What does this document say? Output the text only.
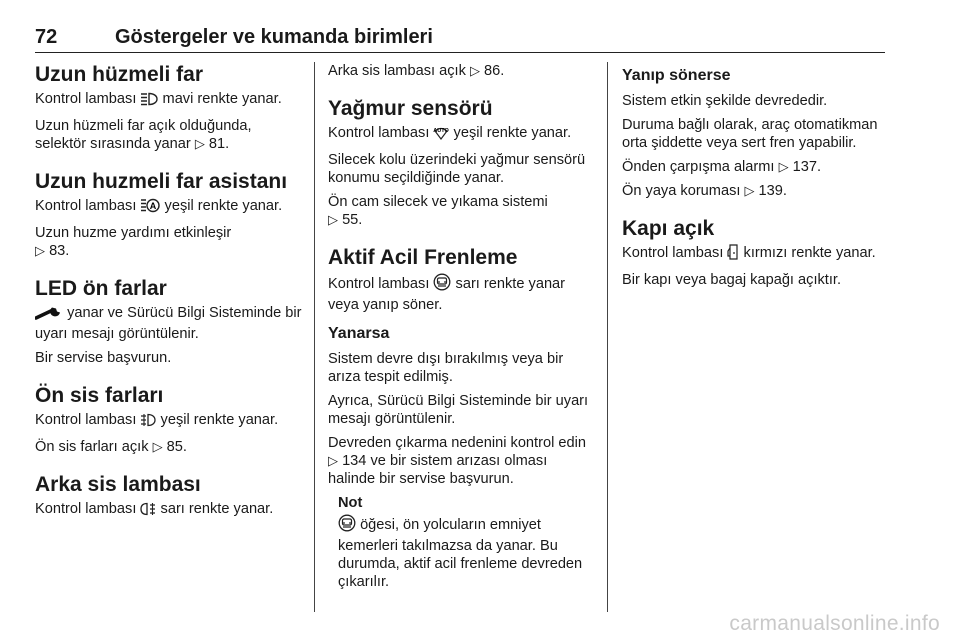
72	Göstergeler ve kumanda birimleri
Uzun hüzmeli far

Kontrol lambası mavi renkte yanar.

Uzun hüzmeli far açık olduğunda, selektör sırasında yanar ▷ 81.

Uzun huzmeli far asistanı

Kontrol lambası A yeşil renkte yanar.

Uzun huzme yardımı etkinleşir
▷ 83.

LED ön farlar

yanar ve Sürücü Bilgi Sisteminde bir uyarı mesajı görüntülenir.

Bir servise başvurun.

Ön sis farları

Kontrol lambası yeşil renkte yanar.

Ön sis farları açık ▷ 85.

Arka sis lambası

Kontrol lambası sarı renkte yanar.

Arka sis lambası açık ▷ 86.

Yağmur sensörü

Kontrol lambası AUTO yeşil renkte yanar.

Silecek kolu üzerindeki yağmur sensörü konumu seçildiğinde yanar.

Ön cam silecek ve yıkama sistemi
▷ 55.

Aktif Acil Frenleme

Kontrol lambası sarı renkte yanar veya yanıp söner.

Yanarsa

Sistem devre dışı bırakılmış veya bir arıza tespit edilmiş.

Ayrıca, Sürücü Bilgi Sisteminde bir uyarı mesajı görüntülenir.

Devreden çıkarma nedenini kontrol edin ▷ 134 ve bir sistem arızası olması halinde bir servise başvurun.

Not

öğesi, ön yolcuların emniyet kemerleri takılmazsa da yanar. Bu durumda, aktif acil frenleme devreden çıkarılır.

Yanıp sönerse

Sistem etkin şekilde devrededir.

Duruma bağlı olarak, araç otomatikman orta şiddette veya sert fren yapabilir.

Önden çarpışma alarmı ▷ 137.

Ön yaya koruması ▷ 139.

Kapı açık

Kontrol lambası kırmızı renkte yanar.

Bir kapı veya bagaj kapağı açıktır.

carmanualsonline.info
